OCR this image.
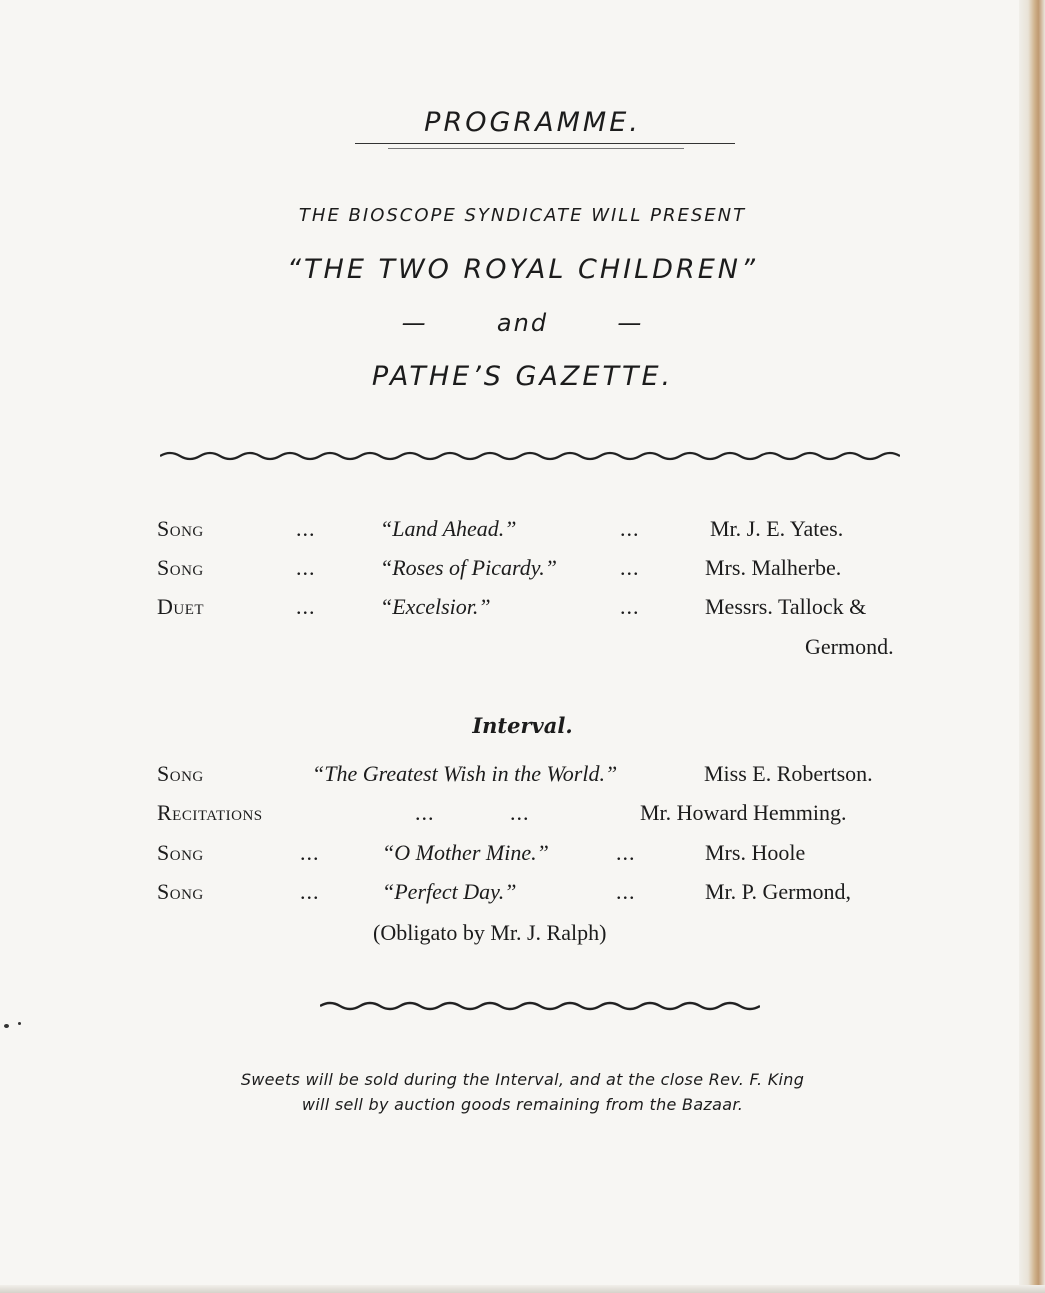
PROGRAMME.

THE BIOSCOPE SYNDICATE WILL PRESENT

“THE TWO ROYAL CHILDREN”

—	and	—

PATHE’S GAZETTE.

Song	...	“Land Ahead.”	...	Mr. J. E. Yates.
Song	...	“Roses of Picardy.”	...	Mrs. Malherbe.
Duet	...	“Excelsior.”	...	Messrs. Tallock &
Germond.
Interval.
Song	“The Greatest Wish in the World.”	Miss E. Robertson.
Recitations	...	...	Mr. Howard Hemming.
Song	...	“O Mother Mine.”	...	Mrs. Hoole
Song	...	“Perfect Day.”	...	Mr. P. Germond,
(Obligato by Mr. J. Ralph)
Sweets will be sold during the Interval, and at the close Rev. F. King
will sell by auction goods remaining from the Bazaar.
